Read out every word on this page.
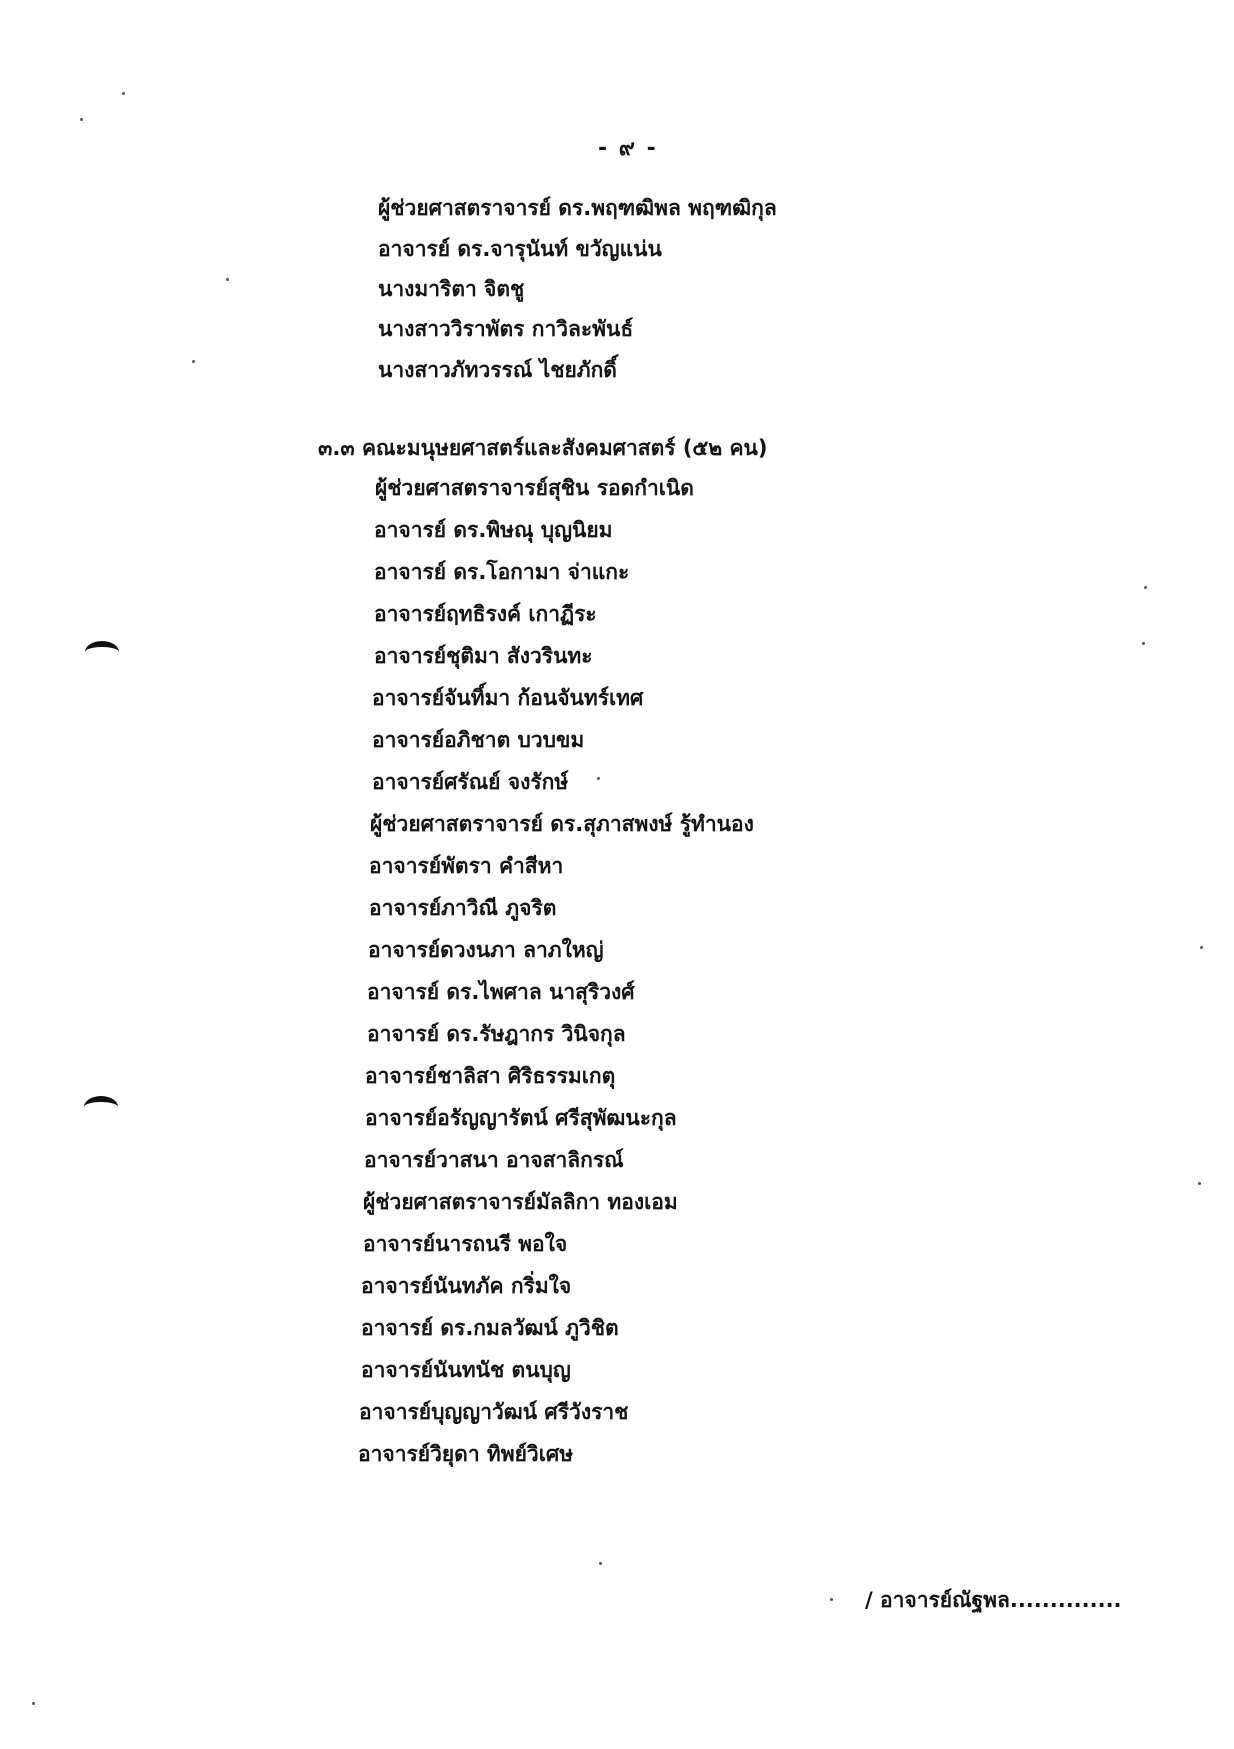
- ๙ -
ผู้ช่วยศาสตราจารย์ ดร.พฤฑฒิพล พฤฑฒิกุล
อาจารย์ ดร.จารุนันท์ ขวัญแน่น
นางมาริตา จิตชู
นางสาววิราพัตร กาวิละพันธ์
นางสาวภัทวรรณ์ ไชยภักดิ์
๓.๓ คณะมนุษยศาสตร์และสังคมศาสตร์ (๕๒ คน)
ผู้ช่วยศาสตราจารย์สุชิน รอดกำเนิด
อาจารย์ ดร.พิษณุ บุญนิยม
อาจารย์ ดร.โอกามา จ่าแกะ
อาจารย์ฤทธิรงค์ เกาฏีระ
อาจารย์ชุติมา สังวรินทะ
อาจารย์จันทิ์มา ก้อนจันทร์เทศ
อาจารย์อภิชาต บวบขม
อาจารย์ศรัณย์ จงรักษ์
ผู้ช่วยศาสตราจารย์ ดร.สุภาสพงษ์ รู้ทำนอง
อาจารย์พัตรา คำสีหา
อาจารย์ภาวิณี ภูจริต
อาจารย์ดวงนภา ลาภใหญ่
อาจารย์ ดร.ไพศาล นาสุริวงศ์
อาจารย์ ดร.รัษฎากร วินิจกุล
อาจารย์ชาลิสา ศิริธรรมเกตุ
อาจารย์อรัญญารัตน์ ศรีสุพัฒนะกุล
อาจารย์วาสนา อาจสาลิกรณ์
ผู้ช่วยศาสตราจารย์มัลลิกา ทองเอม
อาจารย์นารถนรี พอใจ
อาจารย์นันทภัค กริ่มใจ
อาจารย์ ดร.กมลวัฒน์ ภูวิชิต
อาจารย์นันทนัช ตนบุญ
อาจารย์บุญญาวัฒน์ ศรีวังราช
อาจารย์วิยุดา ทิพย์วิเศษ
/ อาจารย์ณัฐพล..............
